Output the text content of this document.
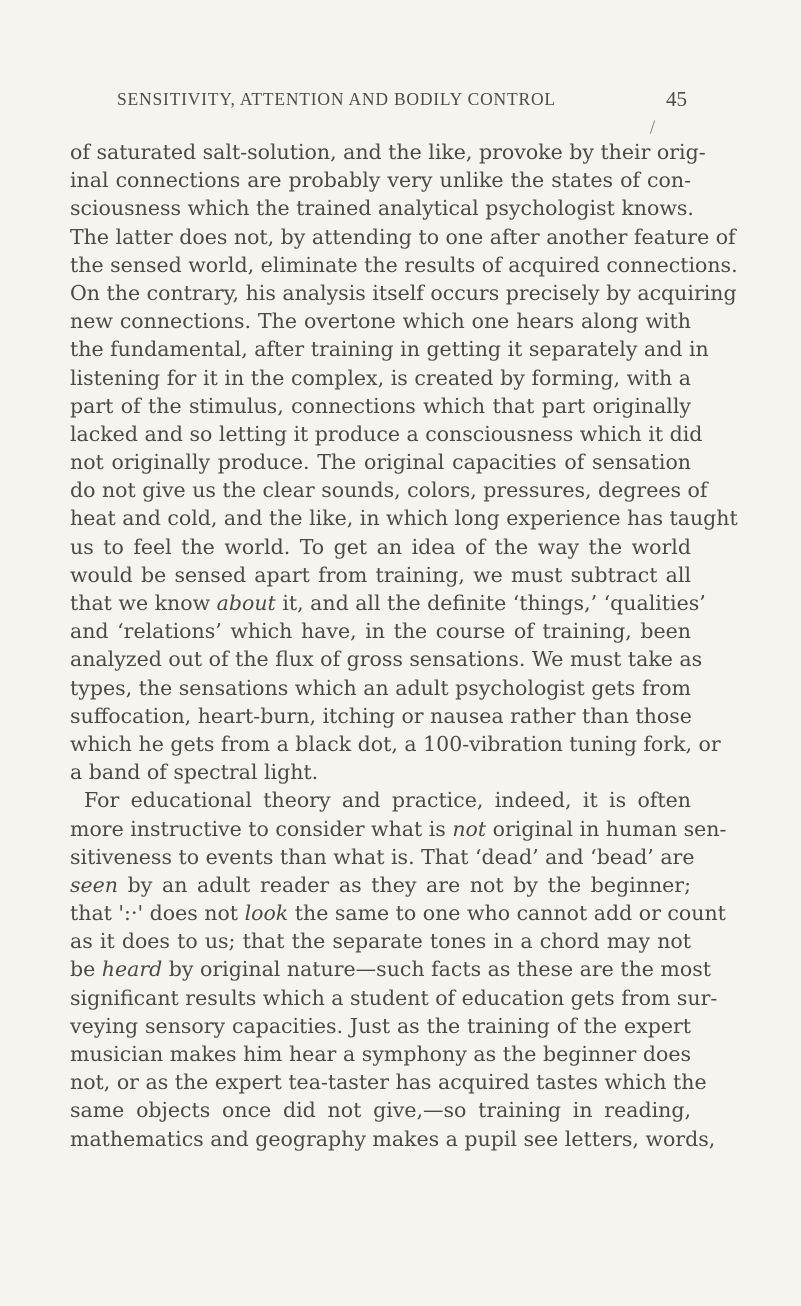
SENSITIVITY, ATTENTION AND BODILY CONTROL	45
of saturated salt-solution, and the like, provoke by their orig-
inal connections are probably very unlike the states of con-
sciousness which the trained analytical psychologist knows.
The latter does not, by attending to one after another feature of
the sensed world, eliminate the results of acquired connections.
On the contrary, his analysis itself occurs precisely by acquiring
new connections. The overtone which one hears along with
the fundamental, after training in getting it separately and in
listening for it in the complex, is created by forming, with a
part of the stimulus, connections which that part originally
lacked and so letting it produce a consciousness which it did
not originally produce. The original capacities of sensation
do not give us the clear sounds, colors, pressures, degrees of
heat and cold, and the like, in which long experience has taught
us to feel the world. To get an idea of the way the world
would be sensed apart from training, we must subtract all
that we know about it, and all the definite ‘things,’ ‘qualities’
and ‘relations’ which have, in the course of training, been
analyzed out of the flux of gross sensations. We must take as
types, the sensations which an adult psychologist gets from
suffocation, heart-burn, itching or nausea rather than those
which he gets from a black dot, a 100-vibration tuning fork, or
a band of spectral light.
For educational theory and practice, indeed, it is often
more instructive to consider what is not original in human sen-
sitiveness to events than what is. That ‘dead’ and ‘bead’ are
seen by an adult reader as they are not by the beginner;
that ':·' does not look the same to one who cannot add or count
as it does to us; that the separate tones in a chord may not
be heard by original nature—such facts as these are the most
significant results which a student of education gets from sur-
veying sensory capacities. Just as the training of the expert
musician makes him hear a symphony as the beginner does
not, or as the expert tea-taster has acquired tastes which the
same objects once did not give,—so training in reading,
mathematics and geography makes a pupil see letters, words,
